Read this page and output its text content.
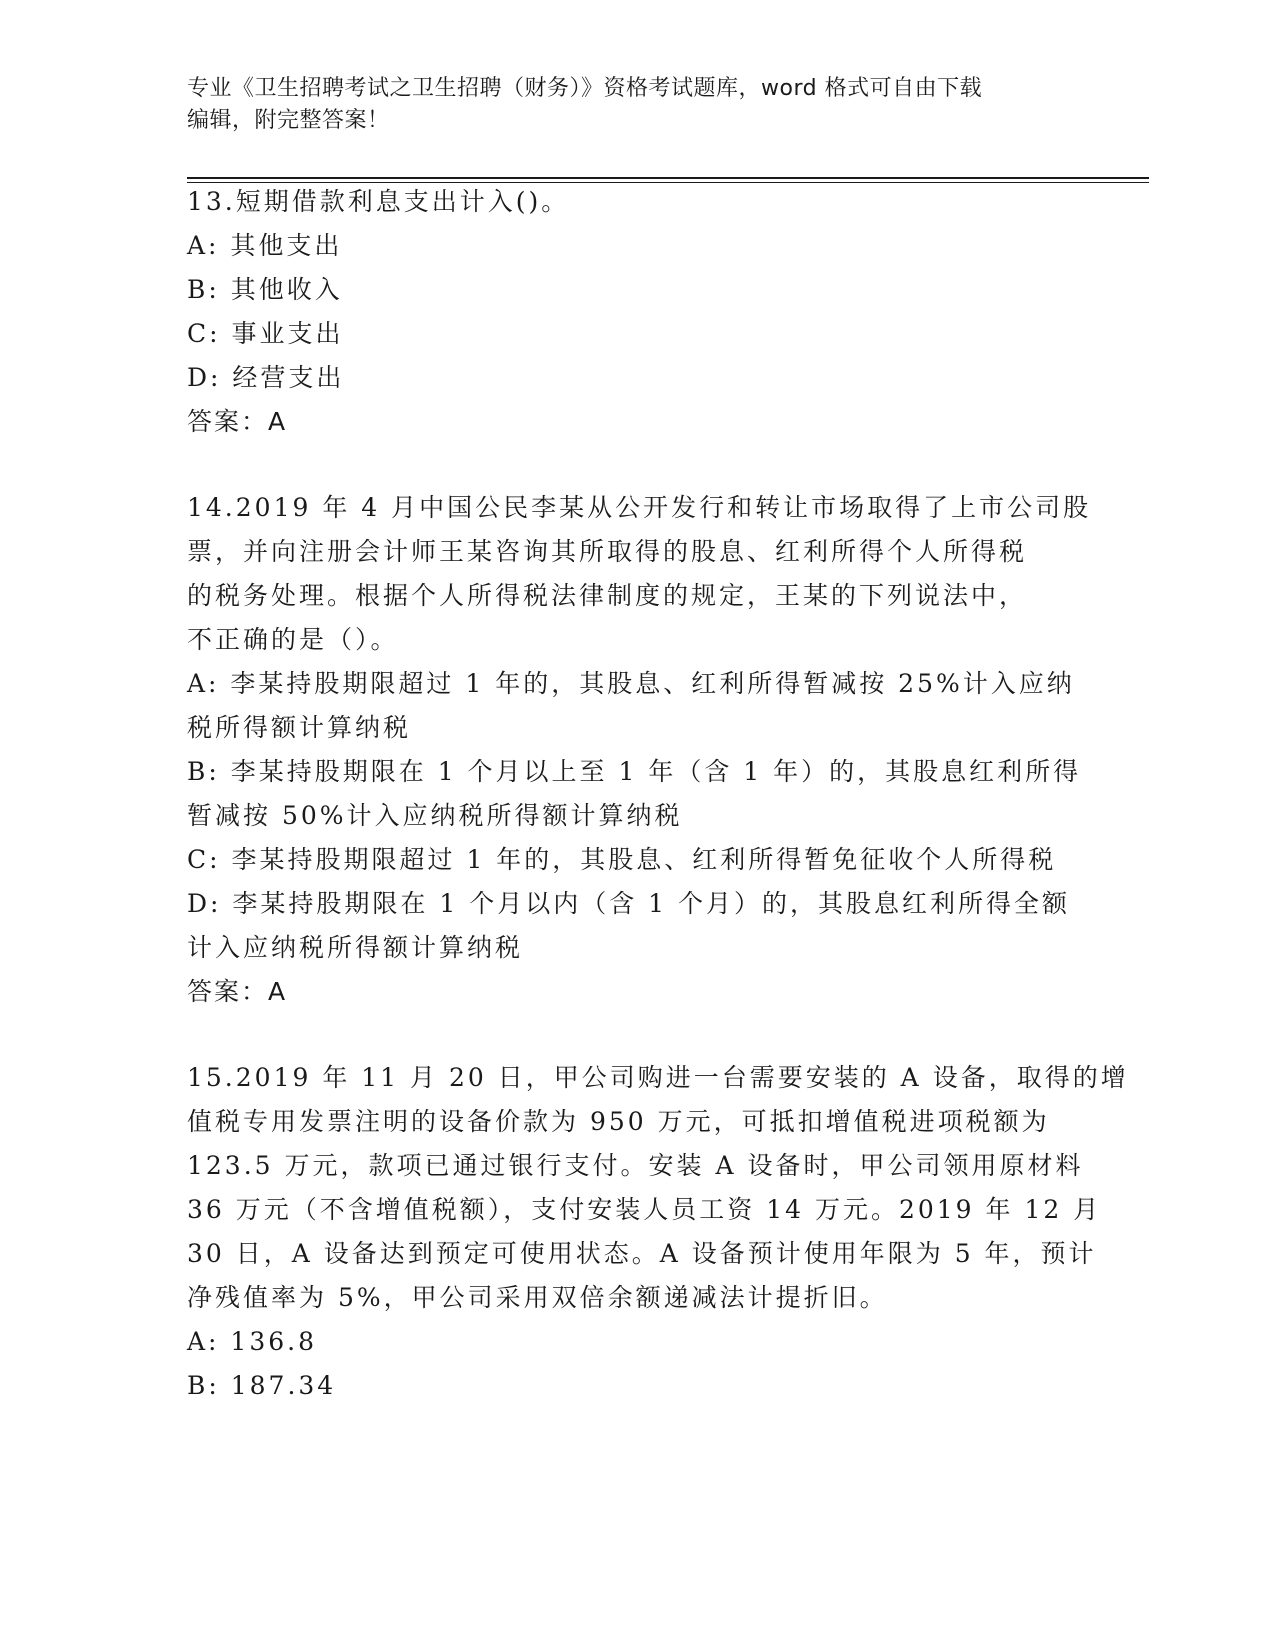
专业《卫生招聘考试之卫生招聘（财务）》资格考试题库，word 格式可自由下载
编辑，附完整答案！
13.短期借款利息支出计入()。
A: 其他支出
B: 其他收入
C: 事业支出
D: 经营支出
答案：A
14.2019 年 4 月中国公民李某从公开发行和转让市场取得了上市公司股
票，并向注册会计师王某咨询其所取得的股息、红利所得个人所得税
的税务处理。根据个人所得税法律制度的规定，王某的下列说法中，
不正确的是（）。
A: 李某持股期限超过 1 年的，其股息、红利所得暂减按 25%计入应纳
税所得额计算纳税
B: 李某持股期限在 1 个月以上至 1 年（含 1 年）的，其股息红利所得
暂减按 50%计入应纳税所得额计算纳税
C: 李某持股期限超过 1 年的，其股息、红利所得暂免征收个人所得税
D: 李某持股期限在 1 个月以内（含 1 个月）的，其股息红利所得全额
计入应纳税所得额计算纳税
答案：A
15.2019 年 11 月 20 日，甲公司购进一台需要安装的 A 设备，取得的增
值税专用发票注明的设备价款为 950 万元，可抵扣增值税进项税额为
123.5 万元，款项已通过银行支付。安装 A 设备时，甲公司领用原材料
36 万元（不含增值税额），支付安装人员工资 14 万元。2019 年 12 月
30 日，A 设备达到预定可使用状态。A 设备预计使用年限为 5 年，预计
净残值率为 5%，甲公司采用双倍余额递减法计提折旧。
A: 136.8
B: 187.34
